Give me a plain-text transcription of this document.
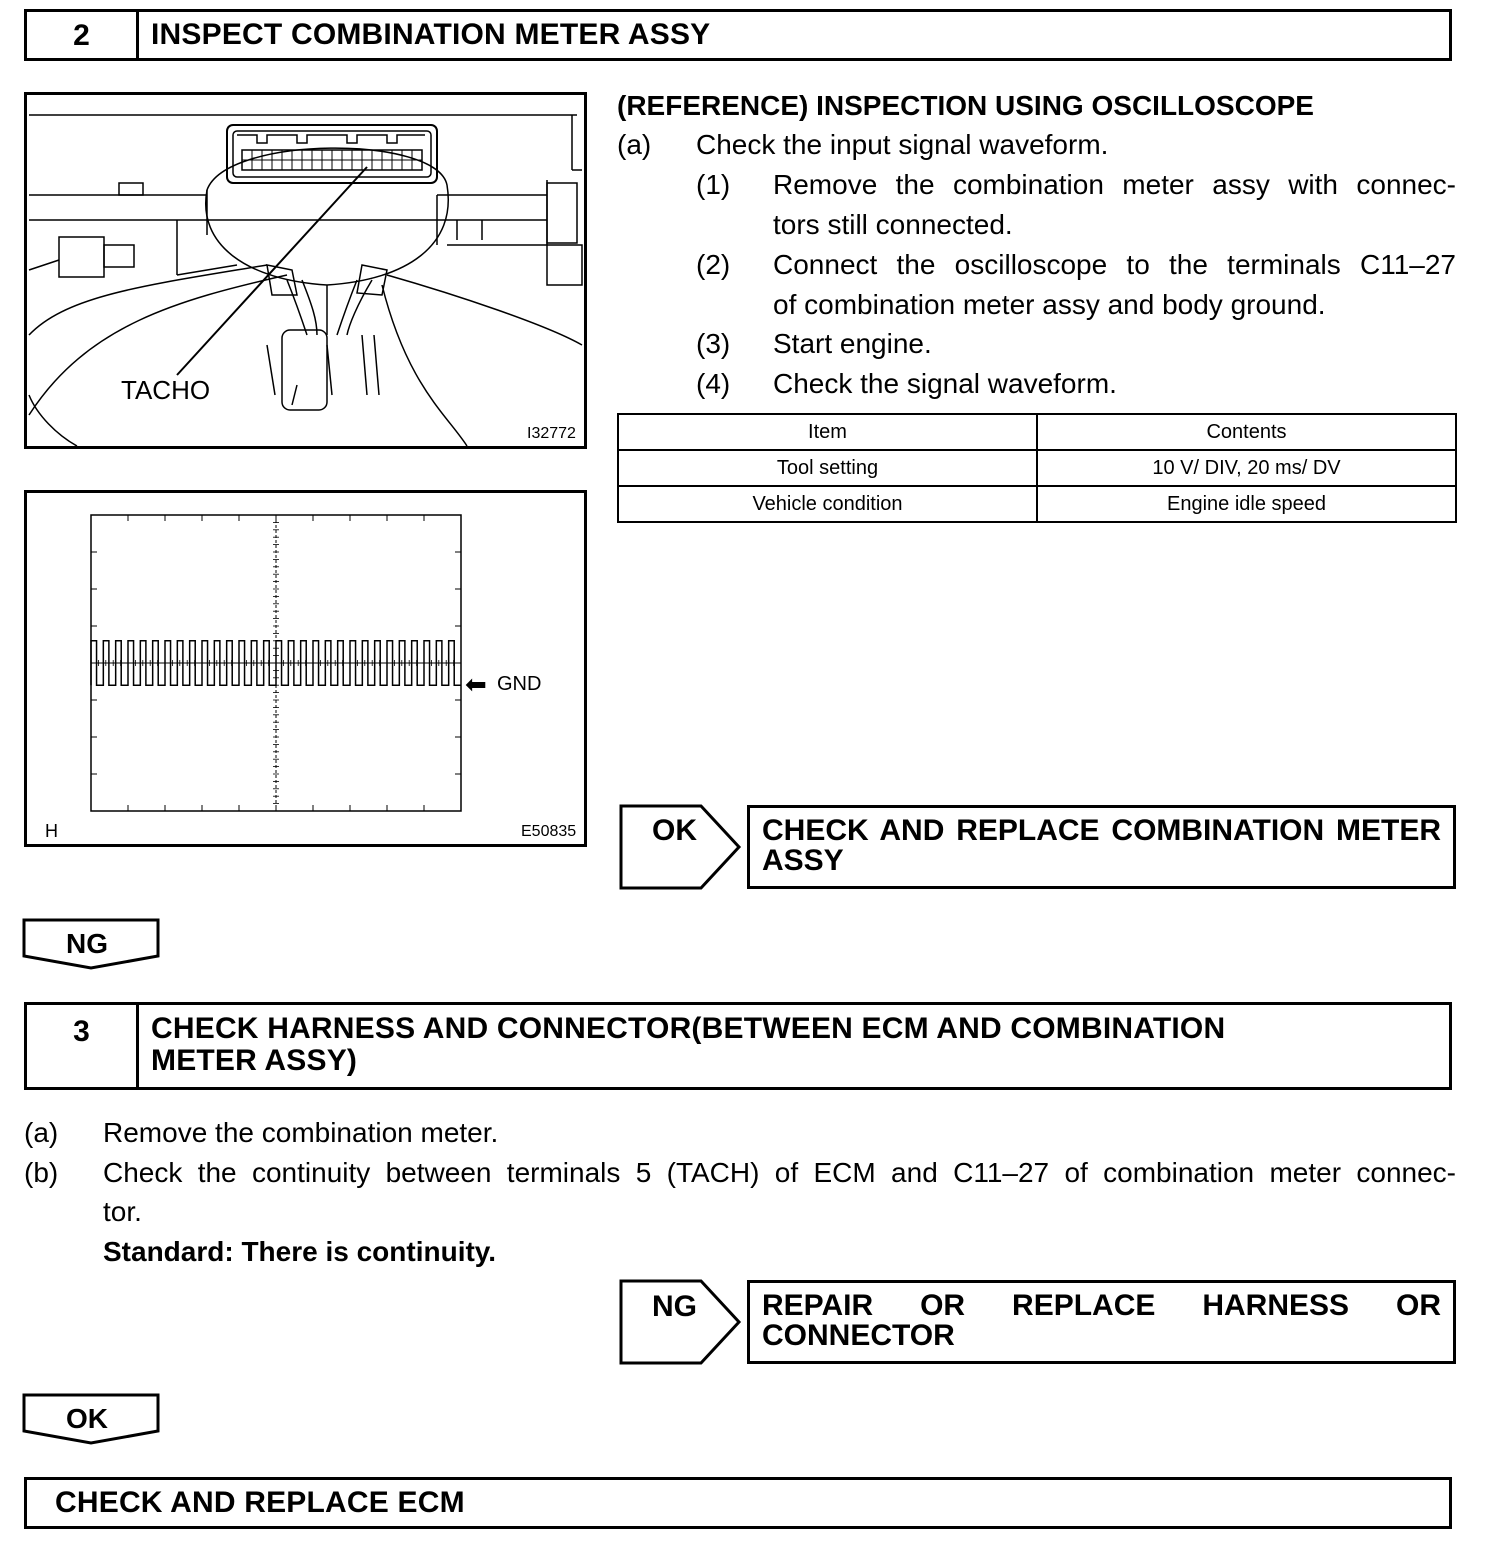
2	INSPECT COMBINATION METER ASSY
TACHO
I32772
⬅ GND
H	E50835
(REFERENCE) INSPECTION USING OSCILLOSCOPE
(a) Check the input signal waveform.
(1) Remove the combination meter assy with connec-
tors still connected.
(2) Connect the oscilloscope to the terminals C11–27
of combination meter assy and body ground.
(3) Start engine.
(4) Check the signal waveform.
Item	Contents
Tool setting	10 V/ DIV, 20 ms/ DV
Vehicle condition	Engine idle speed
OK CHECK AND REPLACE COMBINATION METER
ASSY
NG
3	CHECK HARNESS AND CONNECTOR(BETWEEN ECM AND COMBINATION
METER ASSY)
(a) Remove the combination meter.
(b) Check the continuity between terminals 5 (TACH) of ECM and C11–27 of combination meter connec-
tor.
Standard: There is continuity.
NG REPAIR OR REPLACE HARNESS OR
CONNECTOR
OK
CHECK AND REPLACE ECM
